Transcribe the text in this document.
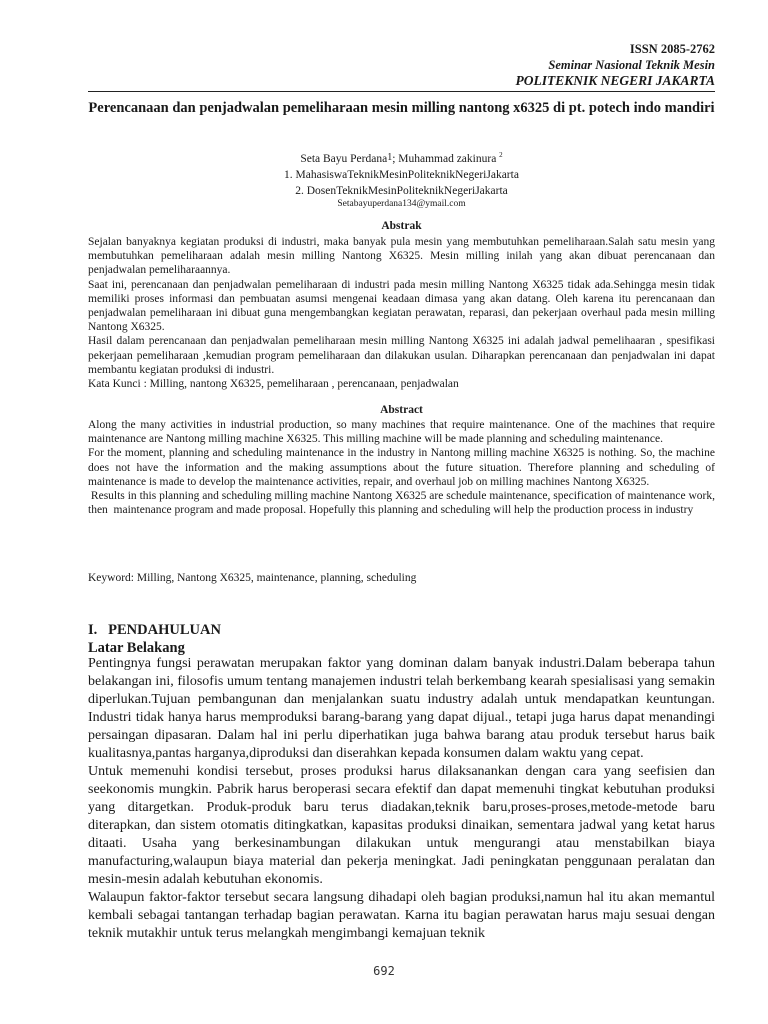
ISSN 2085-2762
Seminar Nasional Teknik Mesin
POLITEKNIK NEGERI JAKARTA
Perencanaan dan penjadwalan pemeliharaan mesin milling nantong x6325 di pt. potech indo mandiri
Seta Bayu Perdana1; Muhammad zakinura $^2$
1. MahasiswaTeknikMesinPoliteknikNegeriJakarta
2. DosenTeknikMesinPoliteknikNegeriJakarta
Setabayuperdana134@ymail.com
Abstrak

Sejalan banyaknya kegiatan produksi di industri, maka banyak pula mesin yang membutuhkan pemeliharaan.Salah satu mesin yang membutuhkan pemeliharaan adalah mesin milling Nantong X6325. Mesin milling inilah yang akan dibuat perencanaan dan penjadwalan pemeliharaannya.

Saat ini, perencanaan dan penjadwalan pemeliharaan di industri pada mesin milling Nantong X6325 tidak ada.Sehingga mesin tidak memiliki proses informasi dan pembuatan asumsi mengenai keadaan dimasa yang akan datang. Oleh karena itu perencanaan dan penjadwalan pemeliharaan ini dibuat guna mengembangkan kegiatan perawatan, reparasi, dan pekerjaan overhaul pada mesin milling Nantong X6325.

Hasil dalam perencanaan dan penjadwalan pemeliharaan mesin milling Nantong X6325 ini adalah jadwal pemelihaaran , spesifikasi pekerjaan pemeliharaan ,kemudian program pemeliharaan dan dilakukan usulan. Diharapkan perencanaan dan penjadwalan ini dapat membantu kegiatan produksi di industri.

Kata Kunci : Milling, nantong X6325, pemeliharaan , perencanaan, penjadwalan

Abstract

Along the many activities in industrial production, so many machines that require maintenance. One of the machines that require maintenance are Nantong milling machine X6325. This milling machine will be made planning and scheduling maintenance.

For the moment, planning and scheduling maintenance in the industry in Nantong milling machine X6325 is nothing. So, the machine does not have the information and the making assumptions about the future situation. Therefore planning and scheduling of maintenance is made to develop the maintenance activities, repair, and overhaul job on milling machines Nantong X6325.

Results in this planning and scheduling milling machine Nantong X6325 are schedule maintenance, specification of maintenance work, then  maintenance program and made proposal. Hopefully this planning and scheduling will help the production process in industry

Keyword: Milling, Nantong X6325, maintenance, planning, scheduling
I.   PENDAHULUAN
Latar Belakang

Pentingnya fungsi perawatan merupakan faktor yang dominan dalam banyak industri.Dalam beberapa tahun belakangan ini, filosofis umum tentang manajemen industri telah berkembang kearah spesialisasi yang semakin diperlukan.Tujuan pembangunan dan menjalankan suatu industry adalah untuk mendapatkan keuntungan. Industri tidak hanya harus memproduksi barang-barang yang dapat dijual., tetapi juga harus dapat menandingi persaingan dipasaran. Dalam hal ini perlu diperhatikan juga bahwa barang atau produk tersebut harus baik kualitasnya,pantas harganya,diproduksi dan diserahkan kepada konsumen dalam waktu yang cepat.

Untuk memenuhi kondisi tersebut, proses produksi harus dilaksanankan dengan cara yang seefisien dan seekonomis mungkin. Pabrik harus beroperasi secara efektif dan dapat memenuhi tingkat kebutuhan produksi yang ditargetkan. Produk-produk baru terus diadakan,teknik baru,proses-proses,metode-metode baru diterapkan, dan sistem otomatis ditingkatkan, kapasitas produksi dinaikan, sementara jadwal yang ketat harus ditaati. Usaha yang berkesinambungan dilakukan untuk mengurangi atau menstabilkan biaya manufacturing,walaupun biaya material dan pekerja meningkat. Jadi peningkatan penggunaan peralatan dan mesin-mesin adalah kebutuhan ekonomis.

Walaupun faktor-faktor tersebut secara langsung dihadapi oleh bagian produksi,namun hal itu akan memantul kembali sebagai tantangan terhadap bagian perawatan. Karna itu bagian perawatan harus maju sesuai dengan teknik mutakhir untuk terus melangkah mengimbangi kemajuan teknik

692
